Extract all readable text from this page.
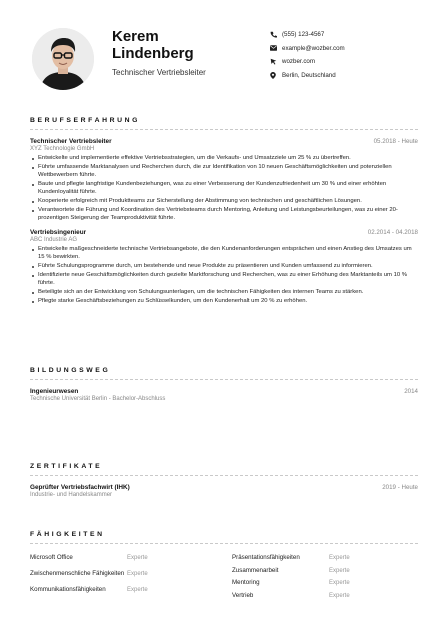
Kerem
Lindenberg
Technischer Vertriebsleiter
(555) 123-4567
example@wozber.com
wozber.com
Berlin, Deutschland
BERUFSERFAHRUNG
Technischer Vertriebsleiter	05.2018 - Heute
XYZ Technologie GmbH
Entwickelte und implementierte effektive Vertriebsstrategien, um die Verkaufs- und Umsatzziele um 25 % zu übertreffen.
Führte umfassende Marktanalysen und Recherchen durch, die zur Identifikation von 10 neuen Geschäftsmöglichkeiten und potenziellen Wettbewerbern führte.
Baute und pflegte langfristige Kundenbeziehungen, was zu einer Verbesserung der Kundenzufriedenheit um 30 % und einer erhöhten Kundenloyalität führte.
Kooperierte erfolgreich mit Produktteams zur Sicherstellung der Abstimmung von technischen und geschäftlichen Lösungen.
Verantwortete die Führung und Koordination des Vertriebsteams durch Mentoring, Anleitung und Leistungsbeurteilungen, was zu einer 20-prozentigen Steigerung der Teamproduktivität führte.
Vertriebsingenieur	02.2014 - 04.2018
ABC Industrie AG
Entwickelte maßgeschneiderte technische Vertriebsangebote, die den Kundenanforderungen entsprächen und einen Anstieg des Umsatzes um 15 % bewirkten.
Führte Schulungsprogramme durch, um bestehende und neue Produkte zu präsentieren und Kunden umfassend zu informieren.
Identifizierte neue Geschäftsmöglichkeiten durch gezielte Marktforschung und Recherchen, was zu einer Erhöhung des Marktanteils um 10 % führte.
Beteiligte sich an der Entwicklung von Schulungsunterlagen, um die technischen Fähigkeiten des internen Teams zu stärken.
Pflegte starke Geschäftsbeziehungen zu Schlüsselkunden, um den Kundenerhalt um 20 % zu erhöhen.
BILDUNGSWEG
Ingenieurwesen	2014
Technische Universität Berlin - Bachelor-Abschluss
ZERTIFIKATE
Geprüfter Vertriebsfachwirt (IHK)	2019 - Heute
Industrie- und Handelskammer
FÄHIGKEITEN
Microsoft Office	Experte
Zwischenmenschliche Fähigkeiten Experte
Kommunikationsfähigkeiten	Experte
Präsentationsfähigkeiten	Experte
Zusammenarbeit	Experte
Mentoring	Experte
Vertrieb	Experte
